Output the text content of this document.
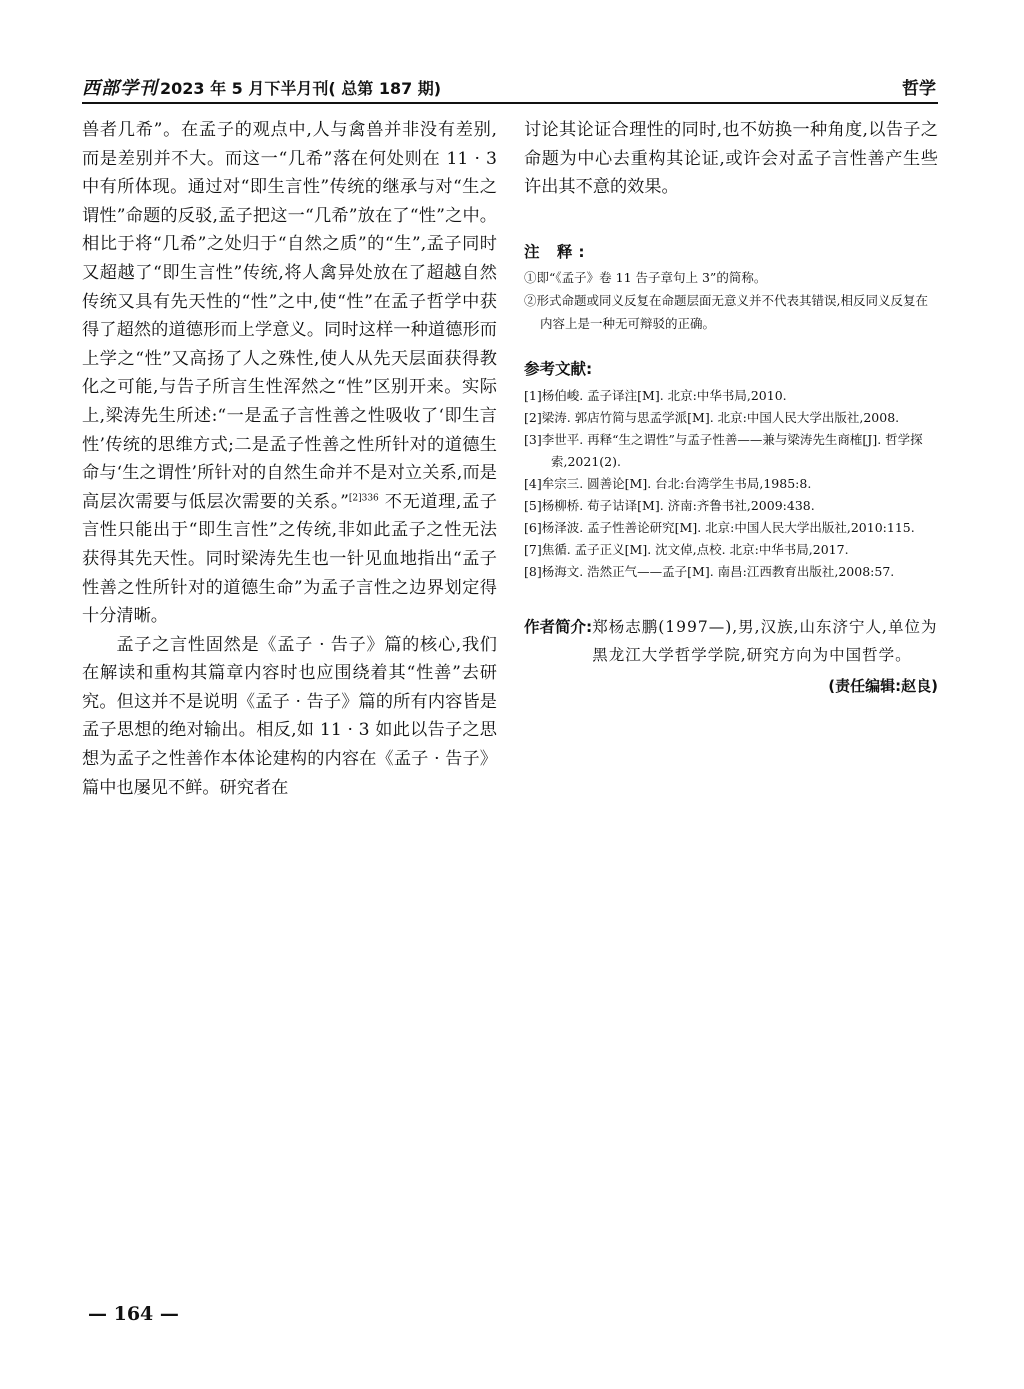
西部学刊 2023 年 5 月下半月刊( 总第 187 期)	哲学

兽者几希”。在孟子的观点中,人与禽兽并非没有差别,而是差别并不大。而这一“几希”落在何处则在 11 · 3 中有所体现。通过对“即生言性”传统的继承与对“生之谓性”命题的反驳,孟子把这一“几希”放在了“性”之中。相比于将“几希”之处归于“自然之质”的“生”,孟子同时又超越了“即生言性”传统,将人禽异处放在了超越自然传统又具有先天性的“性”之中,使“性”在孟子哲学中获得了超然的道德形而上学意义。同时这样一种道德形而上学之“性”又高扬了人之殊性,使人从先天层面获得教化之可能,与告子所言生性浑然之“性”区别开来。实际上,梁涛先生所述:“一是孟子言性善之性吸收了‘即生言性’传统的思维方式;二是孟子性善之性所针对的道德生命与‘生之谓性’所针对的自然生命并不是对立关系,而是高层次需要与低层次需要的关系。”$^{[2]336}$ 不无道理,孟子言性只能出于“即生言性”之传统,非如此孟子之性无法获得其先天性。同时梁涛先生也一针见血地指出“孟子性善之性所针对的道德生命”为孟子言性之边界划定得十分清晰。

孟子之言性固然是《孟子 · 告子》篇的核心,我们在解读和重构其篇章内容时也应围绕着其“性善”去研究。但这并不是说明《孟子 · 告子》篇的所有内容皆是孟子思想的绝对输出。相反,如 11 · 3 如此以告子之思想为孟子之性善作本体论建构的内容在《孟子 · 告子》篇中也屡见不鲜。研究者在

讨论其论证合理性的同时,也不妨换一种角度,以告子之命题为中心去重构其论证,或许会对孟子言性善产生些许出其不意的效果。

注 释:

①即“《孟子》卷 11 告子章句上 3”的简称。

②形式命题或同义反复在命题层面无意义并不代表其错误,相反同义反复在内容上是一种无可辩驳的正确。

参考文献:

[1]杨伯峻. 孟子译注[M]. 北京:中华书局,2010.

[2]梁涛. 郭店竹简与思孟学派[M]. 北京:中国人民大学出版社,2008.

[3]李世平. 再释“生之谓性”与孟子性善——兼与梁涛先生商榷[J]. 哲学探索,2021(2).

[4]牟宗三. 圆善论[M]. 台北:台湾学生书局,1985:8.

[5]杨柳桥. 荀子诂译[M]. 济南:齐鲁书社,2009:438.

[6]杨泽波. 孟子性善论研究[M]. 北京:中国人民大学出版社,2010:115.

[7]焦循. 孟子正义[M]. 沈文倬,点校. 北京:中华书局,2017.

[8]杨海文. 浩然正气——孟子[M]. 南昌:江西教育出版社,2008:57.

作者简介: 郑杨志鹏(1997—),男,汉族,山东济宁人,单位为黑龙江大学哲学学院,研究方向为中国哲学。
(责任编辑:赵良)
— 164 —
